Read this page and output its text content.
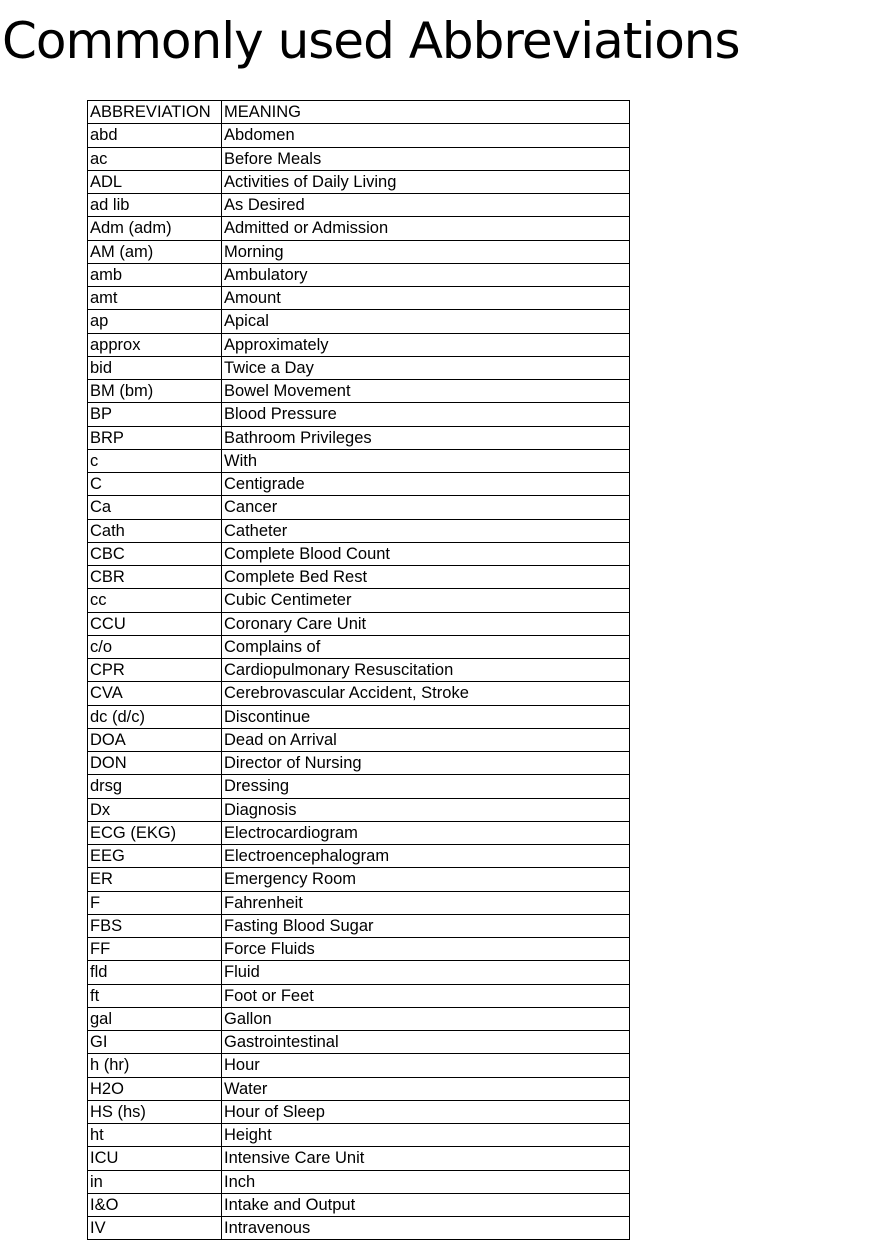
Commonly used Abbreviations
ABBREVIATION	MEANING
abd	Abdomen
ac	Before Meals
ADL	Activities of Daily Living
ad lib	As Desired
Adm (adm)	Admitted or Admission
AM (am)	Morning
amb	Ambulatory
amt	Amount
ap	Apical
approx	Approximately
bid	Twice a Day
BM (bm)	Bowel Movement
BP	Blood Pressure
BRP	Bathroom Privileges
c	With
C	Centigrade
Ca	Cancer
Cath	Catheter
CBC	Complete Blood Count
CBR	Complete Bed Rest
cc	Cubic Centimeter
CCU	Coronary Care Unit
c/o	Complains of
CPR	Cardiopulmonary Resuscitation
CVA	Cerebrovascular Accident, Stroke
dc (d/c)	Discontinue
DOA	Dead on Arrival
DON	Director of Nursing
drsg	Dressing
Dx	Diagnosis
ECG (EKG)	Electrocardiogram
EEG	Electroencephalogram
ER	Emergency Room
F	Fahrenheit
FBS	Fasting Blood Sugar
FF	Force Fluids
fld	Fluid
ft	Foot or Feet
gal	Gallon
GI	Gastrointestinal
h (hr)	Hour
H2O	Water
HS (hs)	Hour of Sleep
ht	Height
ICU	Intensive Care Unit
in	Inch
I&O	Intake and Output
IV	Intravenous
